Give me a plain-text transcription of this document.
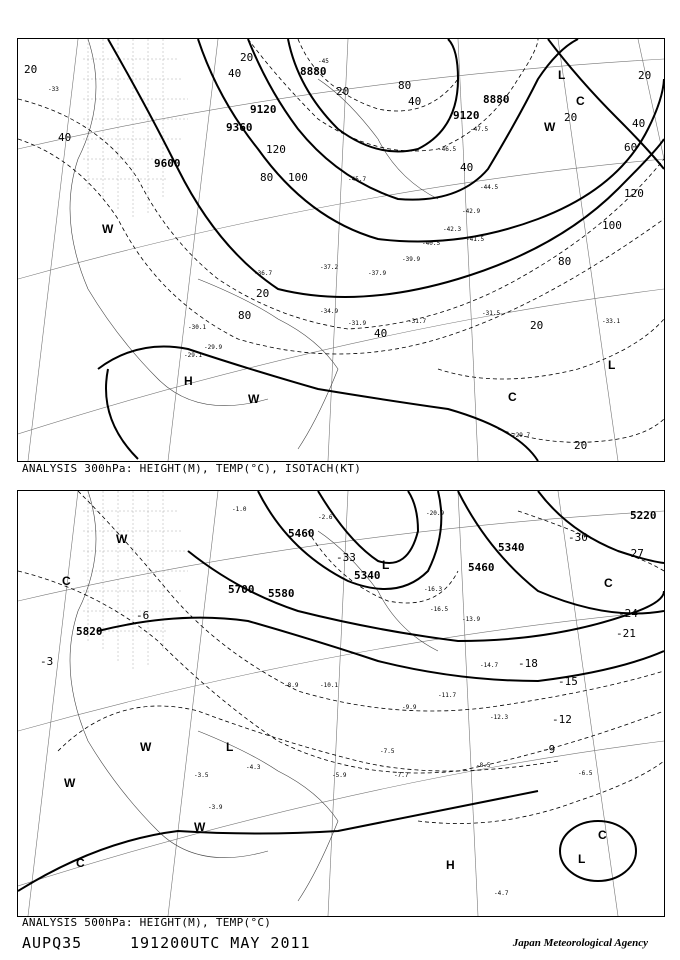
8880
8880
9120	9120
9360
9600
20
40
20
40
20
40
80
120
100
80
40
20
120
100
80
60
40
20
20
40
80
20
20
H
L
L
C
C
W
W
W
-33
-45
-47.5
-46.5
-45.7
-44.5
-42.9
-42.3
-41.5
-40.5
-39.9
-37.9
-37.2
-36.7
-34.9
-33.1
-31.9	-31.7
-31.5
-30.1
-29.9
-29.7
-29.1
ANALYSIS 300hPa: HEIGHT(M), TEMP(°C), ISOTACH(KT)
5220
5340
5340
5460
5460
5580
5700
5820
-30
-27
-24
-21
-18
-15
-12
-9
-6
-3
-33
H	L
L
L
C
C	C
C
W
W
W
W
-20.9
-16.3
-16.5
-13.9
-14.7
-12.3
-11.7
-10.1
-9.9
-8.9
-8.5
-7.7
-7.5
-6.5
-5.9
-4.7
-4.3
-3.9
-3.5
-2.6
-1.0
ANALYSIS 500hPa: HEIGHT(M), TEMP(°C)
AUPQ35	191200UTC MAY 2011	Japan Meteorological Agency
